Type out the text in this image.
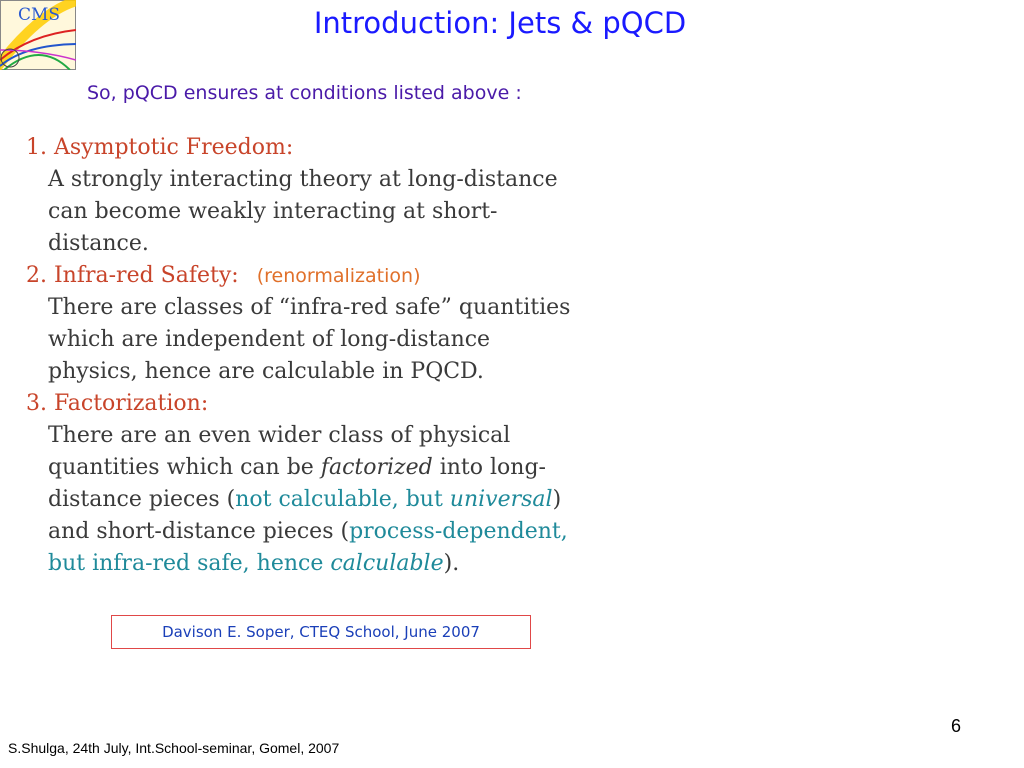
CMS	Introduction: Jets & pQCD
So, pQCD ensures at conditions listed above :
1. Asymptotic Freedom:
A strongly interacting theory at long-distance
can become weakly interacting at short-
distance.
2. Infra-red Safety: (renormalization)
There are classes of “infra-red safe” quantities
which are independent of long-distance
physics, hence are calculable in PQCD.
3. Factorization:
There are an even wider class of physical
quantities which can be factorized into long-
distance pieces (not calculable, but universal)
and short-distance pieces (process-dependent,
but infra-red safe, hence calculable).
Davison E. Soper, CTEQ School, June 2007
6
S.Shulga, 24th July, Int.School-seminar, Gomel, 2007
